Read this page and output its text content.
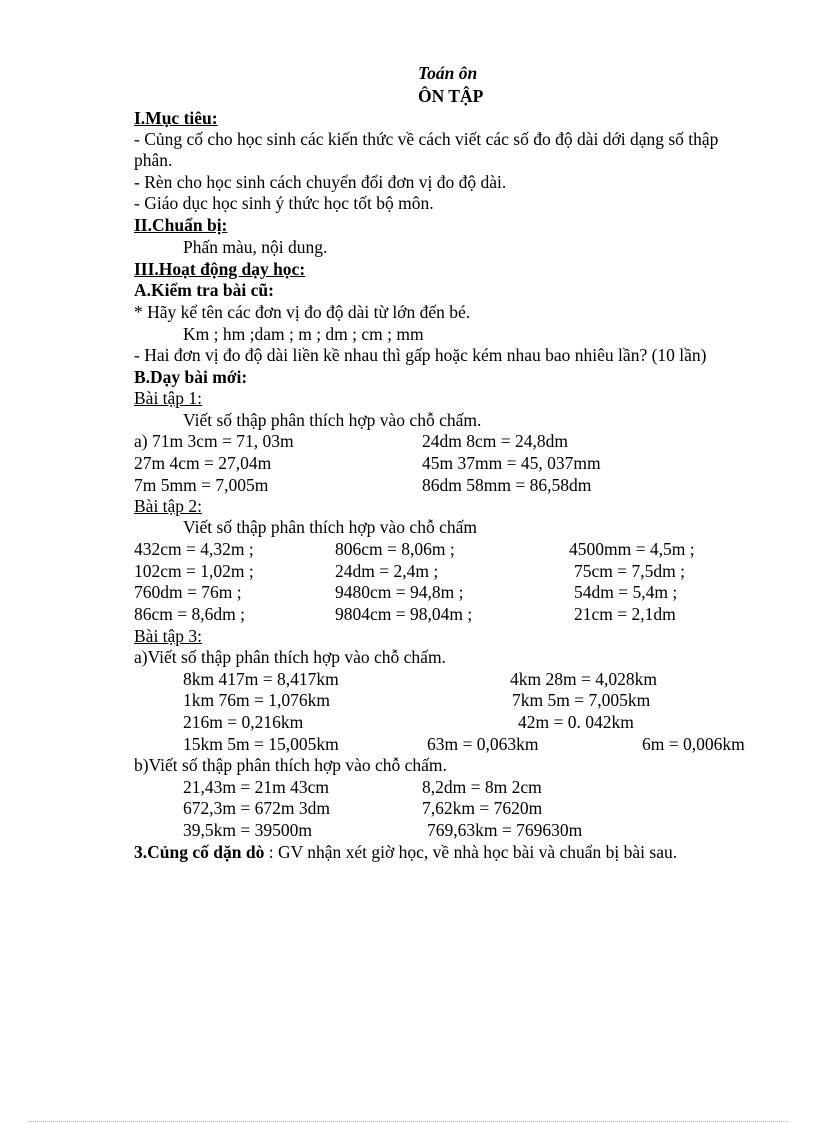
Toán ôn
ÔN TẬP
I.Mục tiêu:
- Củng cố cho học sinh các kiến thức về cách viết các số đo độ dài dới dạng số thập
phân.
- Rèn cho học sinh cách chuyển đổi đơn vị đo độ dài.
- Giáo dục học sinh ý thức học tốt bộ môn.
II.Chuẩn bị:
Phấn màu, nội dung.
III.Hoạt động dạy học:
A.Kiểm tra bài cũ:
* Hãy kể tên các đơn vị đo độ dài từ lớn đến bé.
Km ; hm ;dam ; m ; dm ; cm ; mm
- Hai đơn vị đo độ dài liền kề nhau thì gấp hoặc kém nhau bao nhiêu lần? (10 lần)
B.Dạy bài mới:
Bài tập 1:
Viết số thập phân thích hợp vào chỗ chấm.
a) 71m 3cm = 71, 03m	24dm 8cm = 24,8dm
27m 4cm = 27,04m	45m 37mm = 45, 037mm
7m 5mm = 7,005m	86dm 58mm = 86,58dm
Bài tập 2:
Viết số thập phân thích hợp vào chỗ chấm
432cm = 4,32m ;	806cm = 8,06m ;	4500mm = 4,5m ;
102cm = 1,02m ;	24dm = 2,4m ;	75cm = 7,5dm ;
760dm = 76m ;	9480cm = 94,8m ;	54dm = 5,4m ;
86cm = 8,6dm ;	9804cm = 98,04m ;	21cm = 2,1dm
Bài tập 3:
a)Viết số thập phân thích hợp vào chỗ chấm.
8km 417m = 8,417km	4km 28m = 4,028km
1km 76m = 1,076km	7km 5m = 7,005km
216m = 0,216km	42m = 0. 042km
15km 5m = 15,005km	63m = 0,063km	6m = 0,006km
b)Viết số thập phân thích hợp vào chỗ chấm.
21,43m = 21m 43cm	8,2dm = 8m 2cm
672,3m = 672m 3dm	7,62km = 7620m
39,5km = 39500m	769,63km = 769630m
3.Củng cố dặn dò : GV nhận xét giờ học, về nhà học bài và chuẩn bị bài sau.
